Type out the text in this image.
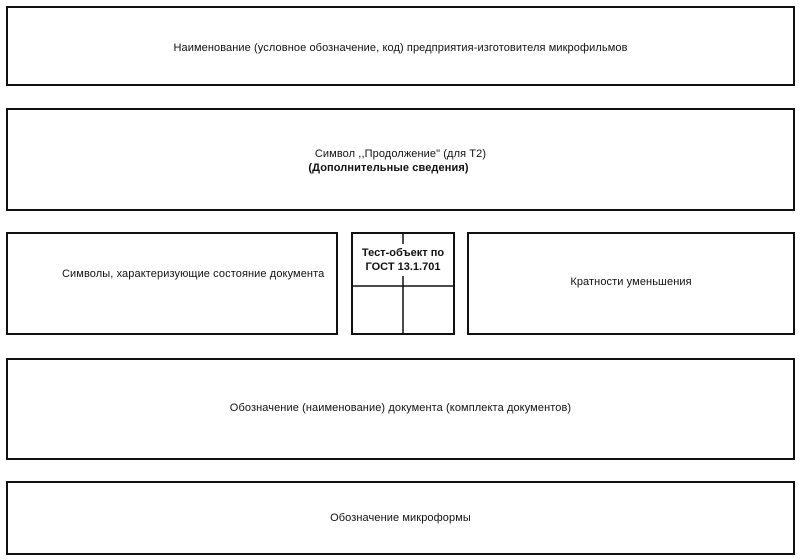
Наименование (условное обозначение, код) предприятия-изготовителя микрофильмов
Символ ,,Продолжение" (для Т2)
(Дополнительные сведения)
Символы, характеризующие состояние документа
Тест-объект по
ГОСТ 13.1.701
Кратности уменьшения
Обозначение (наименование) документа (комплекта документов)
Обозначение микроформы
